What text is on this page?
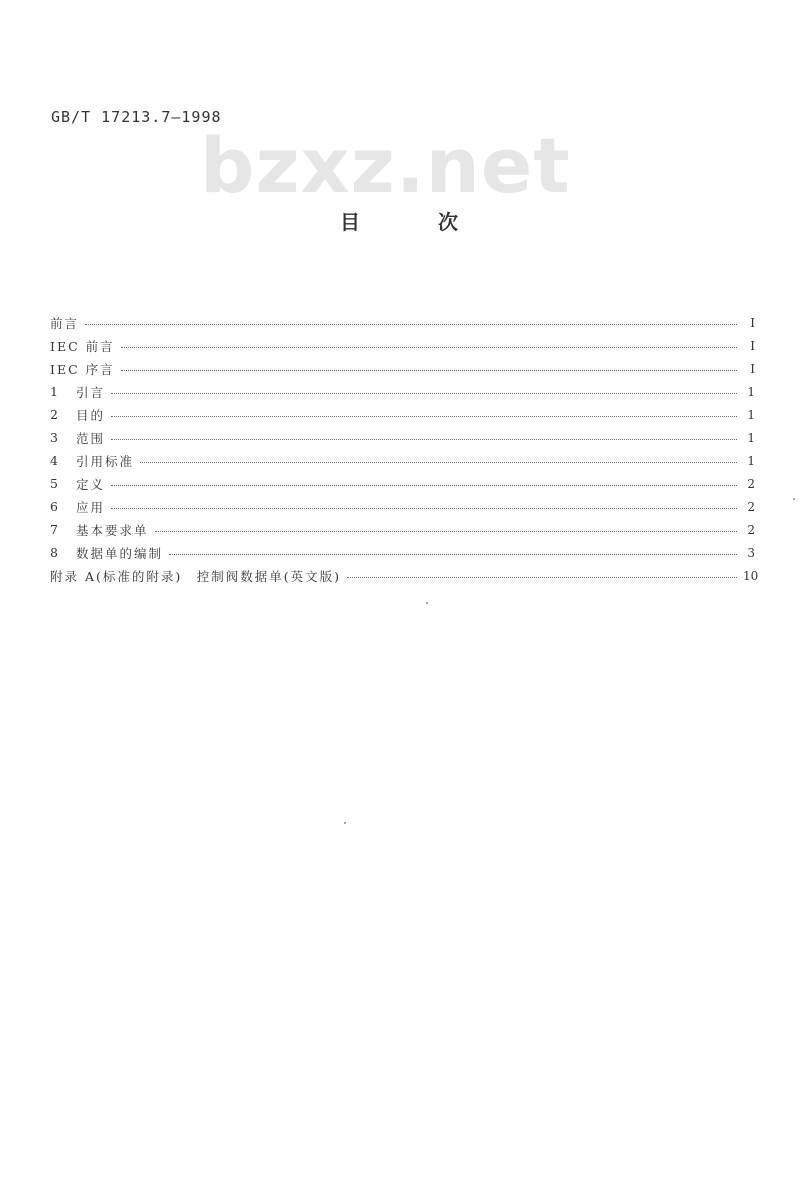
GB/T 17213.7—1998
bzxz.net
目	次
前言	I
IEC 前言	I
IEC 序言	I
1	引言	1
2	目的	1
3	范围	1
4	引用标准	1
5	定义	2
6	应用	2
7	基本要求单	2
8	数据单的编制	3
附录 A(标准的附录)　控制阀数据单(英文版)	10
